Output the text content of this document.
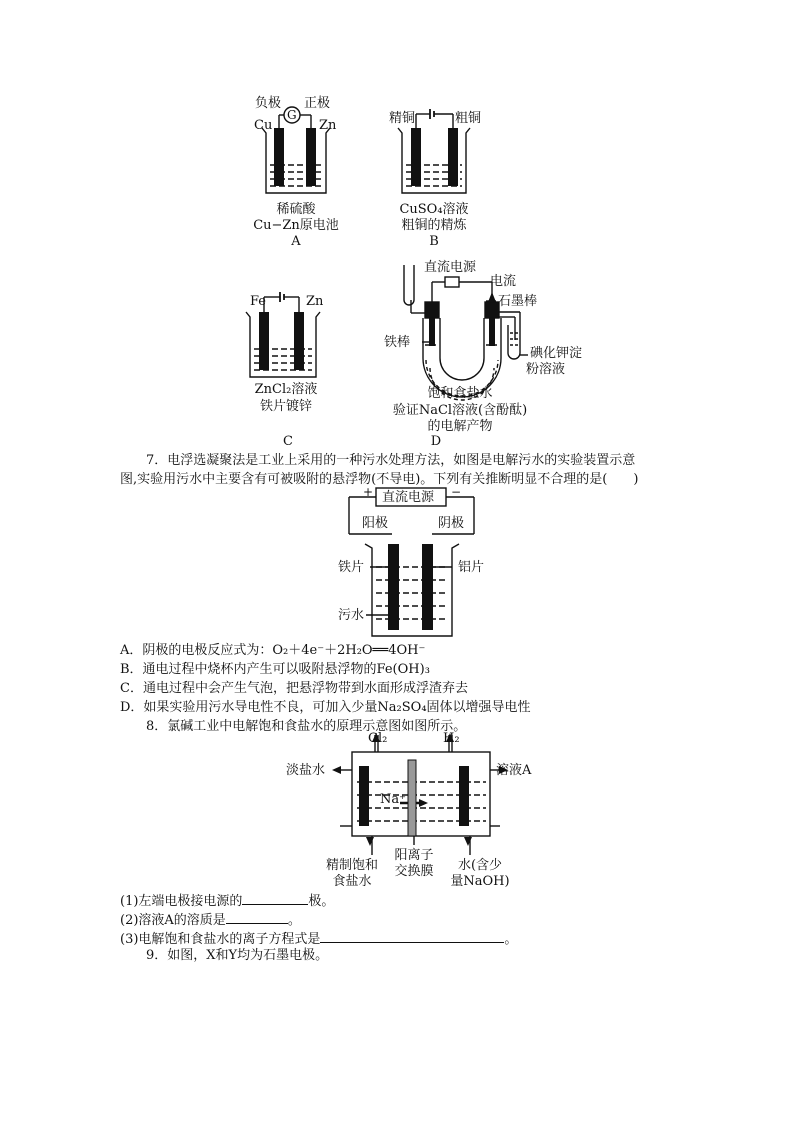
负极 正极
G
Cu	Zn
稀硫酸
Cu−Zn原电池
A
精铜	粗铜
CuSO₄溶液
粗铜的精炼
B
Fe	Zn
ZnCl₂溶液
铁片镀锌
C
直流电源
电流
石墨棒
铁棒
碘化钾淀
粉溶液
饱和食盐水
验证NaCl溶液(含酚酞)
的电解产物
D
7．电浮选凝聚法是工业上采用的一种污水处理方法，如图是电解污水的实验装置示意
图,实验用污水中主要含有可被吸附的悬浮物(不导电)。下列有关推断明显不合理的是(　　)
+	−
直流电源
阳极	阴极
铁片	铝片
污水
A．阴极的电极反应式为：O₂＋4e⁻＋2H₂O══4OH⁻
B．通电过程中烧杯内产生可以吸附悬浮物的Fe(OH)₃
C．通电过程中会产生气泡，把悬浮物带到水面形成浮渣弃去
D．如果实验用污水导电性不良，可加入少量Na₂SO₄固体以增强导电性
8．氯碱工业中电解饱和食盐水的原理示意图如图所示。
Cl₂	H₂
淡盐水	溶液A
Na⁺
精制饱和
食盐水
阳离子
交换膜	水(含少
量NaOH)
(1)左端电极接电源的	极。
(2)溶液A的溶质是	。
(3)电解饱和食盐水的离子方程式是	。
9．如图，X和Y均为石墨电极。
